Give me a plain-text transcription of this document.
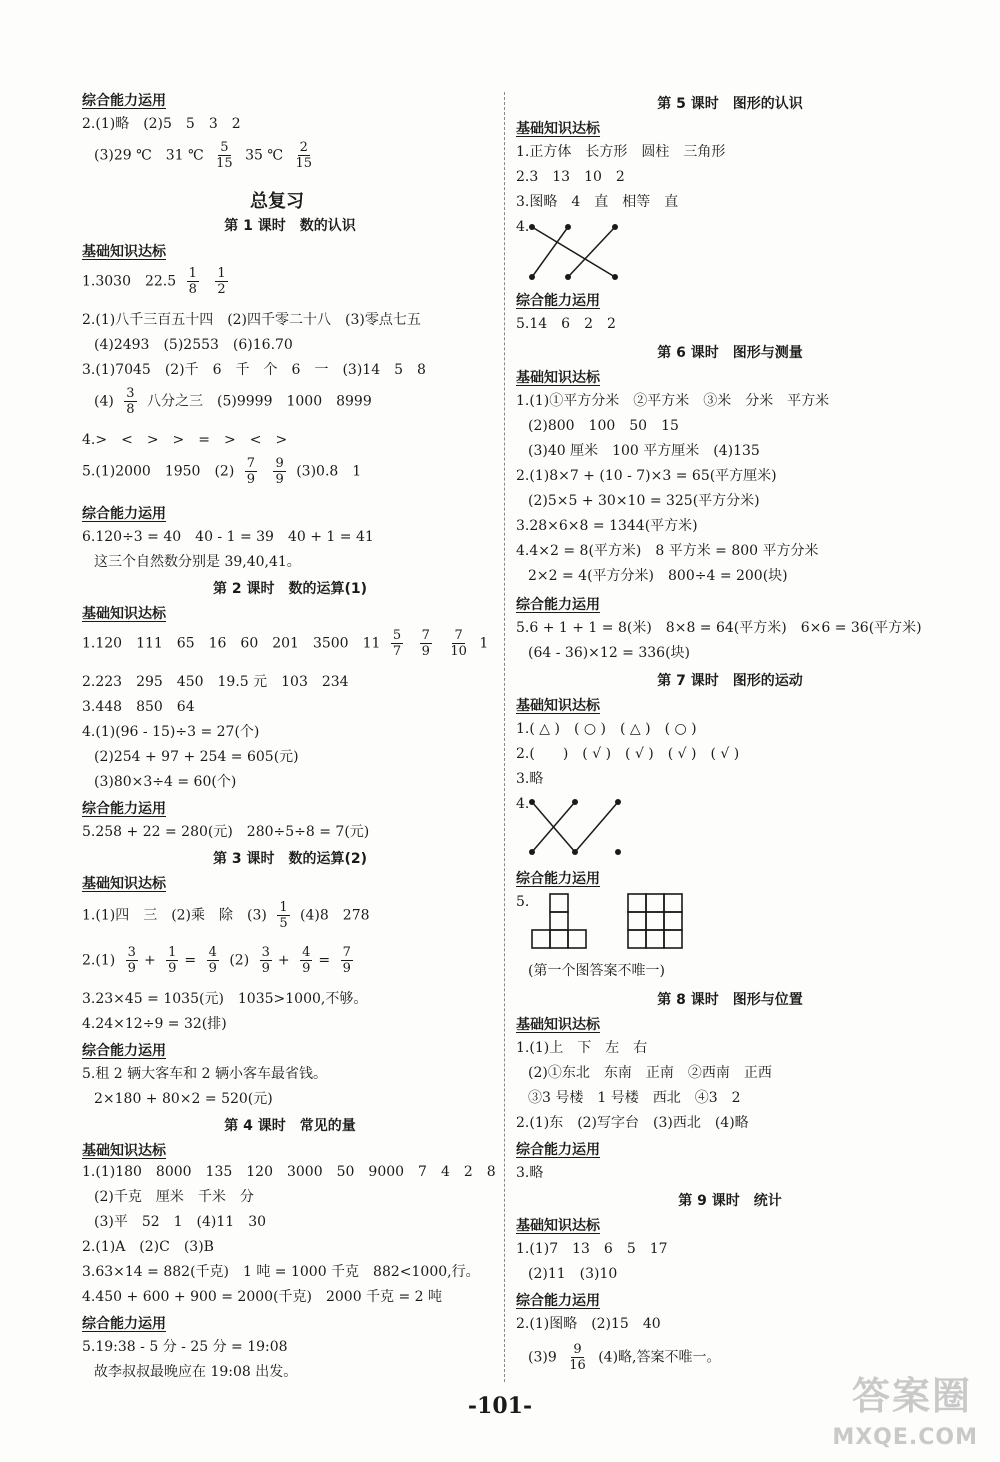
综合能力运用
2.(1)略　(2)5　5　3　2
(3)29 ℃　31 ℃ $\frac{5}{15} 35$ ℃ $\frac{2}{15}$
总复习
第 1 课时　数的认识
基础知识达标
1.3030　$22.5 \frac{1}{8}$
$\frac{1}{2}$
2.(1)八千三百五十四　(2)四千零二十八　(3)零点七五
(4)2493　(5)2553　(6)16.70
3.(1)7045　(2)千　6　千　个　6　一　(3)14　5　8
$(4) \frac{3}{8}$ 八分之三　(5)9999　1000　8999
4.>　<　>　>　=　>　<　>
5.(1)2000　1950　$(2) \frac{7}{9}$
$\frac{9}{9} (3)0.8$　1
综合能力运用
6.120÷3 = 40　40 - 1 = 39　40 + 1 = 41
这三个自然数分别是 39,40,41。
第 2 课时　数的运算(1)
基础知识达标
1.120　111　65　16　60　201　3500　$11 \frac{5}{7}$
$\frac{7}{9}$
$\frac{7}{10} 1$
2.223　295　450　19.5 元　103　234
3.448　850　64
4.(1)(96 - 15)÷3 = 27(个)
(2)254 + 97 + 254 = 605(元)
(3)80×3÷4 = 60(个)
综合能力运用
5.258 + 22 = 280(元)　280÷5÷8 = 7(元)
第 3 课时　数的运算(2)
基础知识达标
1.(1)四　三　(2)乘　除　$(3) \frac{1}{5} (4)8$　278
$2.(1) \frac{3}{9} + \frac{1}{9} = \frac{4}{9} (2) \frac{3}{9} + \frac{4}{9} = \frac{7}{9}$
3.23×45 = 1035(元)　1035>1000,不够。
4.24×12÷9 = 32(排)
综合能力运用
5.租 2 辆大客车和 2 辆小客车最省钱。
2×180 + 80×2 = 520(元)
第 4 课时　常见的量
基础知识达标
1.(1)180　8000　135　120　3000　50　9000　7　4　2　8
(2)千克　厘米　千米　分
(3)平　52　1　(4)11　30
2.(1)A　(2)C　(3)B
3.63×14 = 882(千克)　1 吨 = 1000 千克　882<1000,行。
4.450 + 600 + 900 = 2000(千克)　2000 千克 = 2 吨
综合能力运用
5.19:38 - 5 分 - 25 分 = 19:08
故李叔叔最晚应在 19:08 出发。
第 5 课时　图形的认识
基础知识达标
1.正方体　长方形　圆柱　三角形
2.3　13　10　2
3.图略　4　直　相等　直
4.
综合能力运用
5.14　6　2　2
第 6 课时　图形与测量
基础知识达标
1.(1)①平方分米　②平方米　③米　分米　平方米
(2)800　100　50　15
(3)40 厘米　100 平方厘米　(4)135
2.(1)8×7 + (10 - 7)×3 = 65(平方厘米)
(2)5×5 + 30×10 = 325(平方分米)
3.28×6×8 = 1344(平方米)
4.4×2 = 8(平方米)　8 平方米 = 800 平方分米
2×2 = 4(平方分米)　800÷4 = 200(块)
综合能力运用
5.6 + 1 + 1 = 8(米)　8×8 = 64(平方米)　6×6 = 36(平方米)
(64 - 36)×12 = 336(块)
第 7 课时　图形的运动
基础知识达标
1.( △ )　( ○ )　( △ )　( ○ )
2.(　　)　( √ )　( √ )　( √ )　( √ )
3.略
4.
综合能力运用
5.
(第一个图答案不唯一)
第 8 课时　图形与位置
基础知识达标
1.(1)上　下　左　右
(2)①东北　东南　正南　②西南　正西
③3 号楼　1 号楼　西北　④3　2
2.(1)东　(2)写字台　(3)西北　(4)略
综合能力运用
3.略
第 9 课时　统计
基础知识达标
1.(1)7　13　6　5　17
(2)11　(3)10
综合能力运用
2.(1)图略　(2)15　40
$(3)9 \frac{9}{16} (4)$略,答案不唯一。
-101-	答案圈
MXQE.COM
